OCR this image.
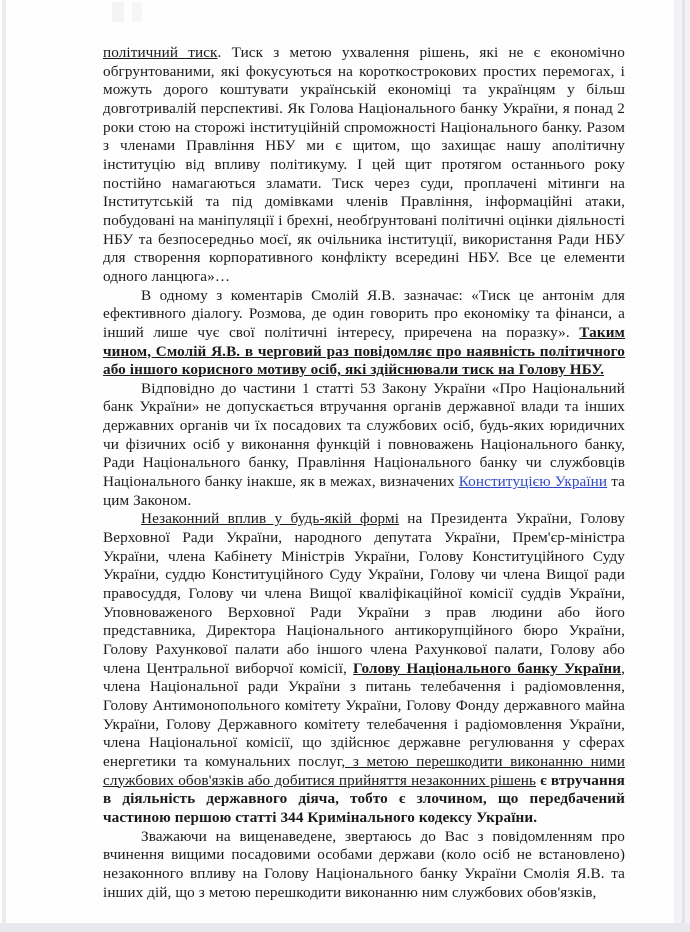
політичний тиск. Тиск з метою ухвалення рішень, які не є економічно обгрунтованими, які фокусуються на короткострокових простих перемогах, і можуть дорого коштувати українській економіці та українцям у більш довготривалій перспективі. Як Голова Національного банку України, я понад 2 роки стою на сторожі інституційній спроможності Національного банку. Разом з членами Правління НБУ ми є щитом, що захищає нашу аполітичну інституцію від впливу політикуму. І цей щит протягом останнього року постійно намагаються зламати. Тиск через суди, проплачені мітинги на Інститутській та під домівками членів Правління, інформаційні атаки, побудовані на маніпуляції і брехні, необґрунтовані політичні оцінки діяльності НБУ та безпосередньо моєї, як очільника інституції, використання Ради НБУ для створення корпоративного конфлікту всередині НБУ. Все це елементи одного ланцюга»…

В одному з коментарів Смолій Я.В. зазначає: «Тиск це антонім для ефективного діалогу. Розмова, де один говорить про економіку та фінанси, а інший лише чує свої політичні інтересу, приречена на поразку». Таким чином, Смолій Я.В. в черговий раз повідомляє про наявність політичного або іншого корисного мотиву осіб, які здійснювали тиск на Голову НБУ.

Відповідно до частини 1 статті 53 Закону України «Про Національний банк України» не допускається втручання органів державної влади та інших державних органів чи їх посадових та службових осіб, будь-яких юридичних чи фізичних осіб у виконання функцій і повноважень Національного банку, Ради Національного банку, Правління Національного банку чи службовців Національного банку інакше, як в межах, визначених Конституцією України та цим Законом.

Незаконний вплив у будь-якій формі на Президента України, Голову Верховної Ради України, народного депутата України, Прем'єр-міністра України, члена Кабінету Міністрів України, Голову Конституційного Суду України, суддю Конституційного Суду України, Голову чи члена Вищої ради правосуддя, Голову чи члена Вищої кваліфікаційної комісії суддів України, Уповноваженого Верховної Ради України з прав людини або його представника, Директора Національного антикорупційного бюро України, Голову Рахункової палати або іншого члена Рахункової палати, Голову або члена Центральної виборчої комісії, Голову Національного банку України, члена Національної ради України з питань телебачення і радіомовлення, Голову Антимонопольного комітету України, Голову Фонду державного майна України, Голову Державного комітету телебачення і радіомовлення України, члена Національної комісії, що здійснює державне регулювання у сферах енергетики та комунальних послуг, з метою перешкодити виконанню ними службових обов'язків або добитися прийняття незаконних рішень є втручання в діяльність державного діяча, тобто є злочином, що передбачений частиною першою статті 344 Кримінального кодексу України.

Зважаючи на вищенаведене, звертаюсь до Вас з повідомленням про вчинення вищими посадовими особами держави (коло осіб не встановлено) незаконного впливу на Голову Національного банку України Смолія Я.В. та інших дій, що з метою перешкодити виконанню ним службових обов'язків,
